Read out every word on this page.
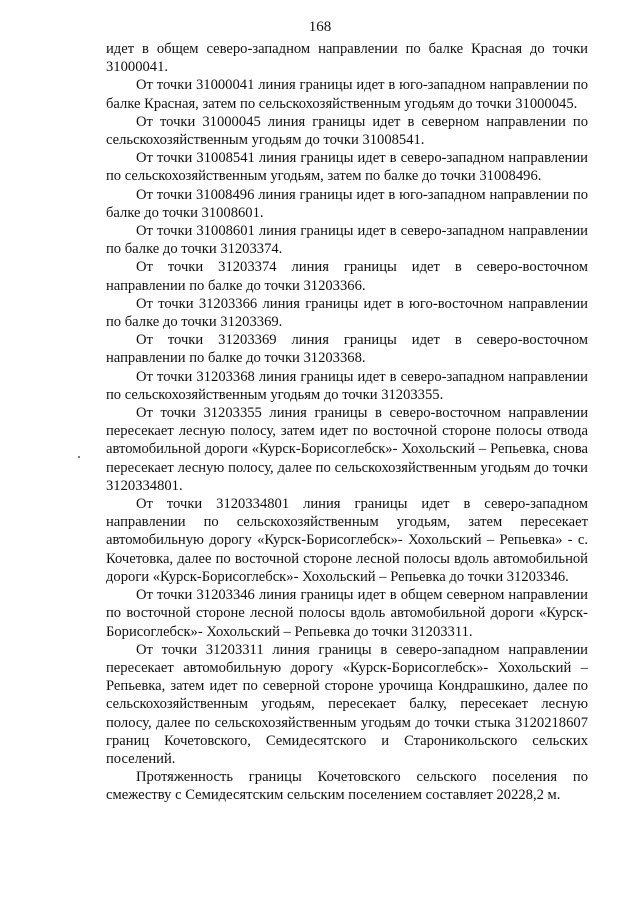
168

идет в общем северо-западном направлении по балке Красная до точки 31000041.

От точки 31000041 линия границы идет в юго-западном направлении по балке Красная, затем по сельскохозяйственным угодьям до точки 31000045.

От точки 31000045 линия границы идет в северном направлении по сельскохозяйственным угодьям до точки 31008541.

От точки 31008541 линия границы идет в северо-западном направлении по сельскохозяйственным угодьям, затем по балке до точки 31008496.

От точки 31008496 линия границы идет в юго-западном направлении по балке до точки 31008601.

От точки 31008601 линия границы идет в северо-западном направлении по балке до точки 31203374.

От точки 31203374 линия границы идет в северо-восточном направлении по балке до точки 31203366.

От точки 31203366 линия границы идет в юго-восточном направлении по балке до точки 31203369.

От точки 31203369 линия границы идет в северо-восточном направлении по балке до точки 31203368.

От точки 31203368 линия границы идет в северо-западном направлении по сельскохозяйственным угодьям до точки 31203355.

От точки 31203355 линия границы в северо-восточном направлении пересекает лесную полосу, затем идет по восточной стороне полосы отвода автомобильной дороги «Курск-Борисоглебск»- Хохольский – Репьевка, снова пересекает лесную полосу, далее по сельскохозяйственным угодьям до точки 3120334801.

От точки 3120334801 линия границы идет в северо-западном направлении по сельскохозяйственным угодьям, затем пересекает автомобильную дорогу «Курск-Борисоглебск»- Хохольский – Репьевка» - с. Кочетовка, далее по восточной стороне лесной полосы вдоль автомобильной дороги «Курск-Борисоглебск»- Хохольский – Репьевка до точки 31203346.

От точки 31203346 линия границы идет в общем северном направлении по восточной стороне лесной полосы вдоль автомобильной дороги «Курск-Борисоглебск»- Хохольский – Репьевка до точки 31203311.

От точки 31203311 линия границы в северо-западном направлении пересекает автомобильную дорогу «Курск-Борисоглебск»- Хохольский – Репьевка, затем идет по северной стороне урочища Кондрашкино, далее по сельскохозяйственным угодьям, пересекает балку, пересекает лесную полосу, далее по сельскохозяйственным угодьям до точки стыка 3120218607 границ Кочетовского, Семидесятского и Староникольского сельских поселений.

Протяженность границы Кочетовского сельского поселения по смежеству с Семидесятским сельским поселением составляет 20228,2 м.
